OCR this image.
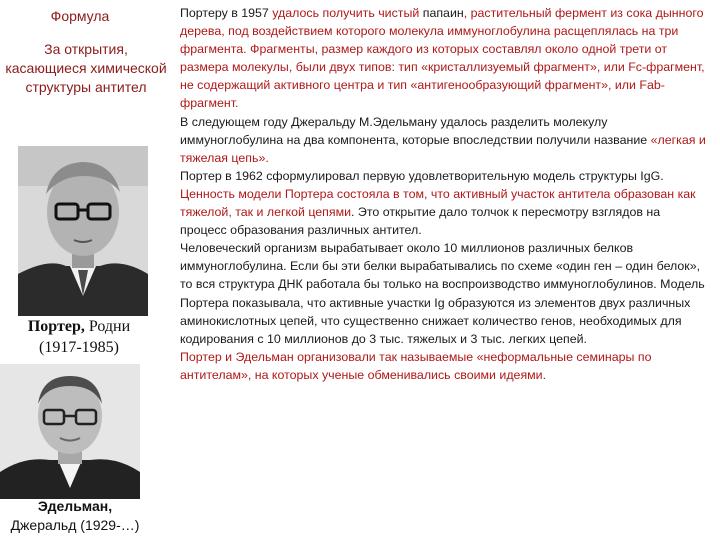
Формула
За открытия, касающиеся химической структуры антител
Портер, Родни
(1917-1985)
Эдельман,
Джеральд (1929-…)

Портеру в 1957 удалось получить чистый папаин, растительный фермент из сока дынного дерева, под воздействием которого молекула иммуноглобулина расщеплялась на три фрагмента. Фрагменты, размер каждого из которых составлял около одной трети от размера молекулы, были двух типов: тип «кристаллизуемый фрагмент», или Fc-фрагмент, не содержащий активного центра и тип «антигенообразующий фрагмент», или Fab-фрагмент.

В следующем году Джеральду М.Эдельману удалось разделить молекулу иммуноглобулина на два компонента, которые впоследствии получили название «легкая и тяжелая цепь».

Портер в 1962 сформулировал первую удовлетворительную модель структуры IgG.

Ценность модели Портера состояла в том, что активный участок антитела образован как тяжелой, так и легкой цепями. Это открытие дало толчок к пересмотру взглядов на процесс образования различных антител.

Человеческий организм вырабатывает около 10 миллионов различных белков иммуноглобулина. Если бы эти белки вырабатывались по схеме «один ген – один белок», то вся структура ДНК работала бы только на воспроизводство иммуноглобулинов. Модель Портера показывала, что активные участки Ig образуются из элементов двух различных аминокислотных цепей, что существенно снижает количество генов, необходимых для кодирования с 10 миллионов до 3 тыс. тяжелых и 3 тыс. легких цепей.

Портер и Эдельман организовали так называемые «неформальные семинары по антителам», на которых ученые обменивались своими идеями.
